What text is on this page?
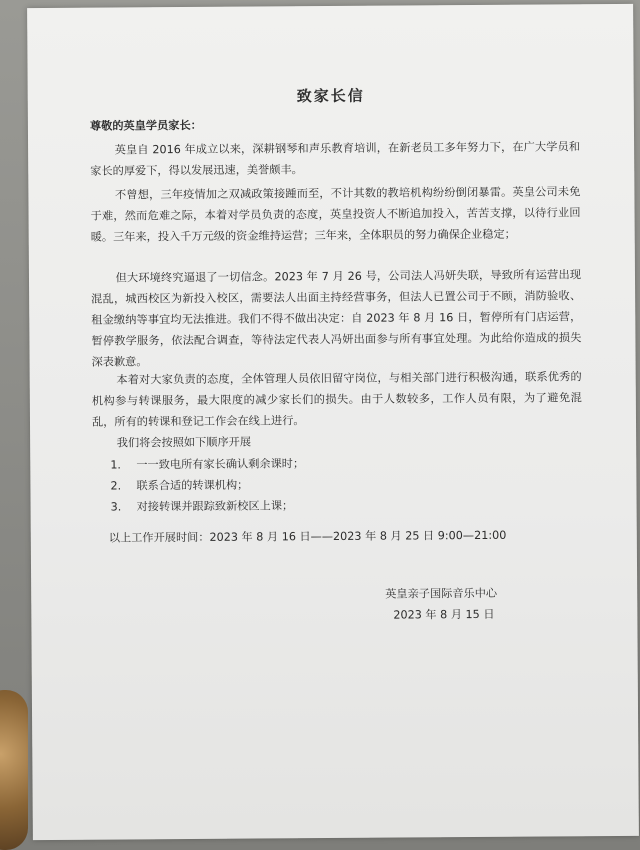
致家长信
尊敬的英皇学员家长：

英皇自 2016 年成立以来，深耕钢琴和声乐教育培训，在新老员工多年努力下，在广大学员和家长的厚爱下，得以发展迅速，美誉颇丰。

不曾想，三年疫情加之双减政策接踵而至，不计其数的教培机构纷纷倒闭暴雷。英皇公司未免于难，然而危难之际，本着对学员负责的态度，英皇投资人不断追加投入，苦苦支撑，以待行业回暖。三年来，投入千万元级的资金维持运营；三年来，全体职员的努力确保企业稳定；

但大环境终究逼退了一切信念。2023 年 7 月 26 号，公司法人冯妍失联，导致所有运营出现混乱，城西校区为新投入校区，需要法人出面主持经营事务，但法人已置公司于不顾，消防验收、租金缴纳等事宜均无法推进。我们不得不做出决定：自 2023 年 8 月 16 日，暂停所有门店运营，暂停教学服务，依法配合调查，等待法定代表人冯妍出面参与所有事宜处理。为此给你造成的损失深表歉意。

本着对大家负责的态度，全体管理人员依旧留守岗位，与相关部门进行积极沟通，联系优秀的机构参与转课服务，最大限度的减少家长们的损失。由于人数较多，工作人员有限，为了避免混乱，所有的转课和登记工作会在线上进行。

我们将会按照如下顺序开展
1. 一一致电所有家长确认剩余课时；
2. 联系合适的转课机构；
3. 对接转课并跟踪致新校区上课；
以上工作开展时间：2023 年 8 月 16 日——2023 年 8 月 25 日 9:00—21:00
英皇亲子国际音乐中心
2023 年 8 月 15 日
